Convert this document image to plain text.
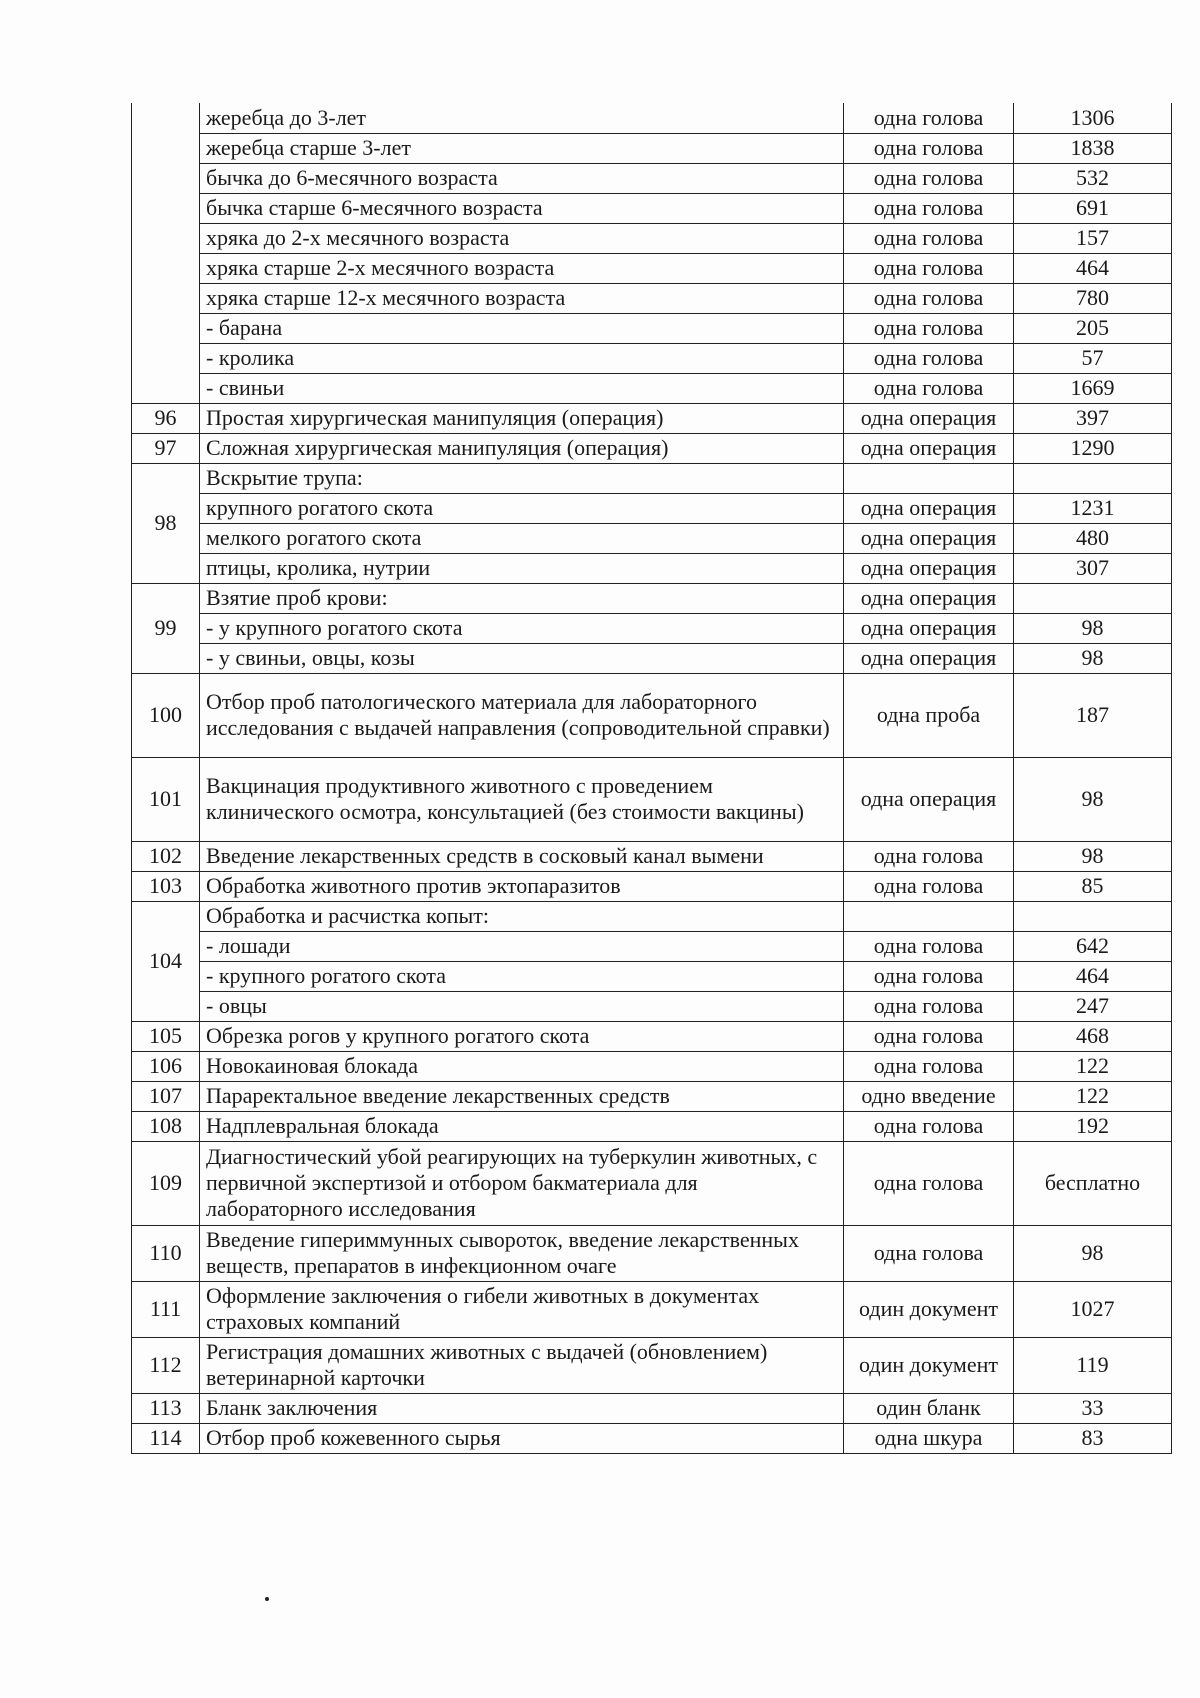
	жеребца до 3-лет	одна голова	1306
	жеребца старше 3-лет	одна голова	1838
	бычка до 6-месячного возраста	одна голова	532
	бычка старше 6-месячного возраста	одна голова	691
	хряка до 2-х месячного возраста	одна голова	157
	хряка старше 2-х месячного возраста	одна голова	464
	хряка старше 12-х месячного возраста	одна голова	780
	- барана	одна голова	205
	- кролика	одна голова	57
	- свиньи	одна голова	1669
96	Простая хирургическая манипуляция (операция)	одна операция	397
97	Сложная хирургическая манипуляция (операция)	одна операция	1290
98	Вскрытие трупа:		
	крупного рогатого скота	одна операция	1231
	мелкого рогатого скота	одна операция	480
	птицы, кролика, нутрии	одна операция	307
99	Взятие проб крови:	одна операция	
	- у крупного рогатого скота	одна операция	98
	- у свиньи, овцы, козы	одна операция	98
100	Отбор проб патологического материала для лабораторного исследования с выдачей направления (сопроводительной справки)	одна проба	187
101	Вакцинация продуктивного животного с проведением клинического осмотра, консультацией (без стоимости вакцины)	одна операция	98
102	Введение лекарственных средств в сосковый канал вымени	одна голова	98
103	Обработка животного против эктопаразитов	одна голова	85
104	Обработка и расчистка копыт:		
	- лошади	одна голова	642
	- крупного рогатого скота	одна голова	464
	- овцы	одна голова	247
105	Обрезка рогов у крупного рогатого скота	одна голова	468
106	Новокаиновая блокада	одна голова	122
107	Параректальное введение лекарственных средств	одно введение	122
108	Надплевральная блокада	одна голова	192
109	Диагностический убой реагирующих на туберкулин животных, с первичной экспертизой и отбором бакматериала для лабораторного исследования	одна голова	бесплатно
110	Введение гипериммунных сывороток, введение лекарственных веществ, препаратов в инфекционном очаге	одна голова	98
111	Оформление заключения о гибели животных в документах страховых компаний	один документ	1027
112	Регистрация домашних животных с выдачей (обновлением) ветеринарной карточки	один документ	119
113	Бланк заключения	один бланк	33
114	Отбор проб кожевенного сырья	одна шкура	83
